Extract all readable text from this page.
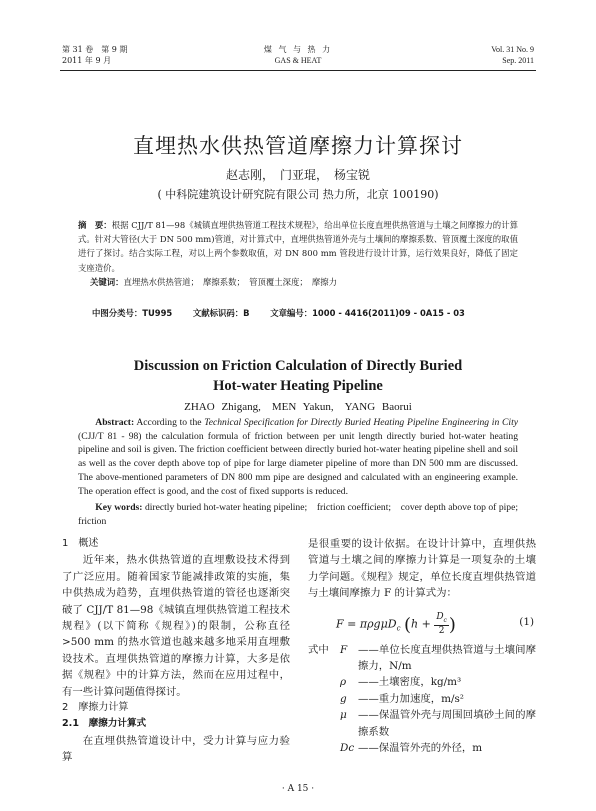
第 31 卷　第 9 期
2011 年 9 月
煤 气 与 热 力
GAS & HEAT
Vol. 31 No. 9
Sep. 2011
直埋热水供热管道摩擦力计算探讨
赵志刚，　门亚琨，　杨宝锐
( 中科院建筑设计研究院有限公司 热力所，北京 100190)
摘　要：根据 CJJ/T 81—98《城镇直埋供热管道工程技术规程》，给出单位长度直埋供热管道与土壤之间摩擦力的计算式。针对大管径(大于 DN 500 mm)管道，对计算式中，直埋供热管道外壳与土壤间的摩擦系数、管顶覆土深度的取值进行了探讨。结合实际工程，对以上两个参数取值，对 DN 800 mm 管段进行设计计算，运行效果良好，降低了固定支座造价。
关键词：直埋热水供热管道；　摩擦系数；　管顶覆土深度；　摩擦力
中图分类号：TU995 文献标识码：B 文章编号：1000 - 4416(2011)09 - 0A15 - 03
Discussion on Friction Calculation of Directly Buried
Hot-water Heating Pipeline
ZHAO Zhigang,　MEN Yakun,　YANG Baorui
Abstract: According to the Technical Specification for Directly Buried Heating Pipeline Engineering in City (CJJ/T 81 - 98) the calculation formula of friction between per unit length directly buried hot-water heating pipeline and soil is given. The friction coefficient between directly buried hot-water heating pipeline shell and soil as well as the cover depth above top of pipe for large diameter pipeline of more than DN 500 mm are discussed. The above-mentioned parameters of DN 800 mm pipe are designed and calculated with an engineering example. The operation effect is good, and the cost of fixed supports is reduced.
Key words: directly buried hot-water heating pipeline;　friction coefficient;　cover depth above top of pipe;　friction
1　概述

近年来，热水供热管道的直埋敷设技术得到了广泛应用。随着国家节能减排政策的实施，集中供热成为趋势，直埋供热管道的管径也逐渐突破了 CJJ/T 81—98《城镇直埋供热管道工程技术规程》(以下简称《规程》)的限制，公称直径 >500 mm 的热水管道也越来越多地采用直埋敷设技术。直埋供热管道的摩擦力计算，大多是依据《规程》中的计算方法，然而在应用过程中，有一些计算问题值得探讨。

2　摩擦力计算
2.1　摩擦力计算式

在直埋供热管道设计中，受力计算与应力验算

是很重要的设计依据。在设计计算中，直埋供热管道与土壤之间的摩擦力计算是一项复杂的土壤力学问题。《规程》规定，单位长度直埋供热管道与土壤间摩擦力 F 的计算式为：

F = πρgμD$_c$ ($h + \frac{D_c}{2}$ )	(1)
式中	F	——单位长度直埋供热管道与土壤间摩擦力，N/m
ρ	——土壤密度，kg/m³
g	——重力加速度，m/s²
μ	——保温管外壳与周围回填砂土间的摩擦系数
Dc ——保温管外壳的外径，m
· A 15 ·
